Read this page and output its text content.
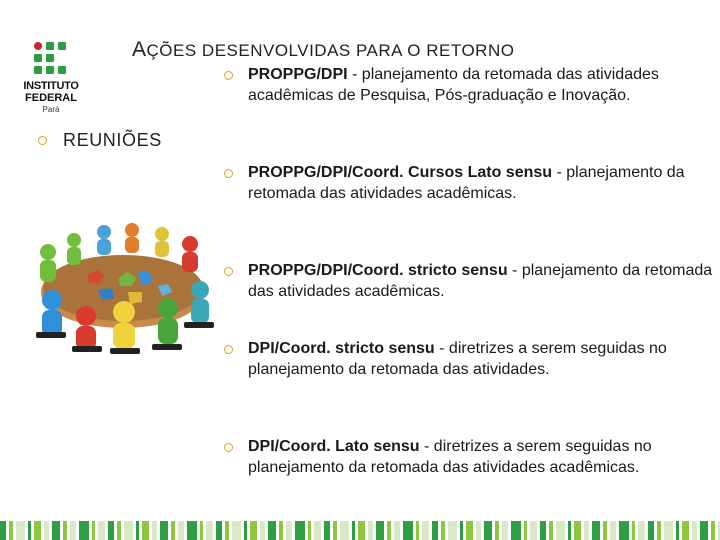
INSTITUTO
FEDERAL
Pará
AÇÕES DESENVOLVIDAS PARA O RETORNO
REUNIÕES
PROPPG/DPI - planejamento da retomada das atividades acadêmicas de Pesquisa, Pós-graduação e Inovação.
PROPPG/DPI/Coord. Cursos Lato sensu - planejamento da retomada das atividades acadêmicas.
PROPPG/DPI/Coord. stricto sensu - planejamento da retomada das atividades acadêmicas.
DPI/Coord. stricto sensu - diretrizes a serem seguidas no planejamento da retomada das atividades.
DPI/Coord. Lato sensu - diretrizes a serem seguidas no planejamento da retomada das atividades acadêmicas.
